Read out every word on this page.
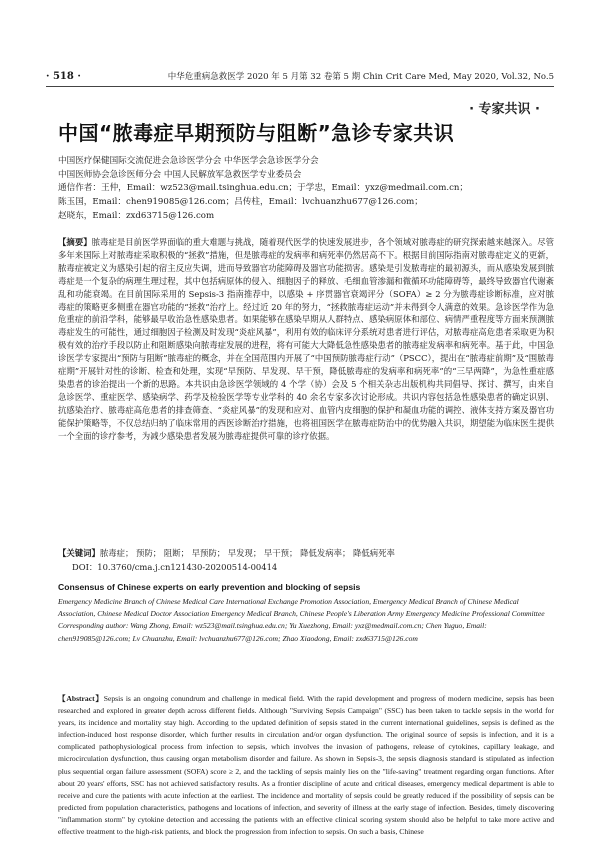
· 518 ·	中华危重病急救医学 2020 年 5 月第 32 卷第 5 期 Chin Crit Care Med, May 2020, Vol.32, No.5
· 专家共识 ·
中国“脓毒症早期预防与阻断”急诊专家共识

中国医疗保健国际交流促进会急诊医学分会 中华医学会急诊医学分会

中国医师协会急诊医师分会 中国人民解放军急救医学专业委员会

通信作者：王仲，Email：wz523@mail.tsinghua.edu.cn；于学忠，Email：yxz@medmail.com.cn；

陈玉国，Email：chen919085@126.com；吕传柱，Email：lvchuanzhu677@126.com；

赵晓东，Email：zxd63715@126.com

【摘要】脓毒症是目前医学界面临的重大难题与挑战，随着现代医学的快速发展进步，各个领域对脓毒症的研究探索越来越深入。尽管多年来国际上对脓毒症采取积极的“拯救”措施，但是脓毒症的发病率和病死率仍然居高不下。根据目前国际指南对脓毒症定义的更新，脓毒症被定义为感染引起的宿主反应失调，进而导致器官功能障碍及器官功能损害。感染是引发脓毒症的最初源头，而从感染发展到脓毒症是一个复杂的病理生理过程，其中包括病原体的侵入、细胞因子的释放、毛细血管渗漏和微循环功能障碍等，最终导致器官代谢紊乱和功能衰竭。在目前国际采用的 Sepsis-3 指南推荐中，以感染 + 序贯器官衰竭评分（SOFA）≥ 2 分为脓毒症诊断标准，应对脓毒症的策略更多侧重在器官功能的“拯救”治疗上。经过近 20 年的努力，“拯救脓毒症运动”并未得到令人满意的效果。急诊医学作为急危重症的前沿学科，能够最早收治急性感染患者。如果能够在感染早期从人群特点、感染病原体和部位、病情严重程度等方面来预测脓毒症发生的可能性，通过细胞因子检测及时发现“炎症风暴”，利用有效的临床评分系统对患者进行评估，对脓毒症高危患者采取更为积极有效的治疗手段以防止和阻断感染向脓毒症发展的进程，将有可能大大降低急性感染患者的脓毒症发病率和病死率。基于此，中国急诊医学专家提出“预防与阻断”脓毒症的概念，并在全国范围内开展了“中国预防脓毒症行动”（PSCC），提出在“脓毒症前期”及“围脓毒症期”开展针对性的诊断、检查和处理，实现“早预防、早发现、早干预，降低脓毒症的发病率和病死率”的“三早两降”，为急性重症感染患者的诊治提出一个新的思路。本共识由急诊医学领域的 4 个学（协）会及 5 个相关杂志出版机构共同倡导、探讨、撰写，由来自急诊医学、重症医学、感染病学、药学及检验医学等专业学科的 40 余名专家多次讨论形成。共识内容包括急性感染患者的确定识别、抗感染治疗、脓毒症高危患者的排查筛查、“炎症风暴”的发现和应对、血管内皮细胞的保护和凝血功能的调控、液体支持方案及器官功能保护策略等，不仅总结归纳了临床常用的西医诊断治疗措施，也将祖国医学在脓毒症防治中的优势融入共识，期望能为临床医生提供一个全面的诊疗参考，为减少感染患者发展为脓毒症提供可靠的诊疗依据。

【关键词】脓毒症； 预防； 阻断； 早预防； 早发现； 早干预； 降低发病率； 降低病死率

DOI：10.3760/cma.j.cn121430-20200514-00414

Consensus of Chinese experts on early prevention and blocking of sepsis

Emergency Medicine Branch of Chinese Medical Care International Exchange Promotion Association, Emergency Medical Branch of Chinese Medical Association, Chinese Medical Doctor Association Emergency Medical Branch, Chinese People's Liberation Army Emergency Medicine Professional Committee

Corresponding author: Wang Zhong, Email: wz523@mail.tsinghua.edu.cn; Yu Xuezhong, Email: yxz@medmail.com.cn; Chen Yuguo, Email: chen919085@126.com; Lv Chuanzhu, Email: lvchuanzhu677@126.com; Zhao Xiaodong, Email: zxd63715@126.com

【Abstract】Sepsis is an ongoing conundrum and challenge in medical field. With the rapid development and progress of modern medicine, sepsis has been researched and explored in greater depth across different fields. Although "Surviving Sepsis Campaign" (SSC) has been taken to tackle sepsis in the world for years, its incidence and mortality stay high. According to the updated definition of sepsis stated in the current international guidelines, sepsis is defined as the infection-induced host response disorder, which further results in circulation and/or organ dysfunction. The original source of sepsis is infection, and it is a complicated pathophysiological process from infection to sepsis, which involves the invasion of pathogens, release of cytokines, capillary leakage, and microcirculation dysfunction, thus causing organ metabolism disorder and failure. As shown in Sepsis-3, the sepsis diagnosis standard is stipulated as infection plus sequential organ failure assessment (SOFA) score ≥ 2, and the tackling of sepsis mainly lies on the "life-saving" treatment regarding organ functions. After about 20 years' efforts, SSC has not achieved satisfactory results. As a frontier discipline of acute and critical diseases, emergency medical department is able to receive and cure the patients with acute infection at the earliest. The incidence and mortality of sepsis could be greatly reduced if the possibility of sepsis can be predicted from population characteristics, pathogens and locations of infection, and severity of illness at the early stage of infection. Besides, timely discovering "inflammation storm" by cytokine detection and accessing the patients with an effective clinical scoring system should also be helpful to take more active and effective treatment to the high-risk patients, and block the progression from infection to sepsis. On such a basis, Chinese
